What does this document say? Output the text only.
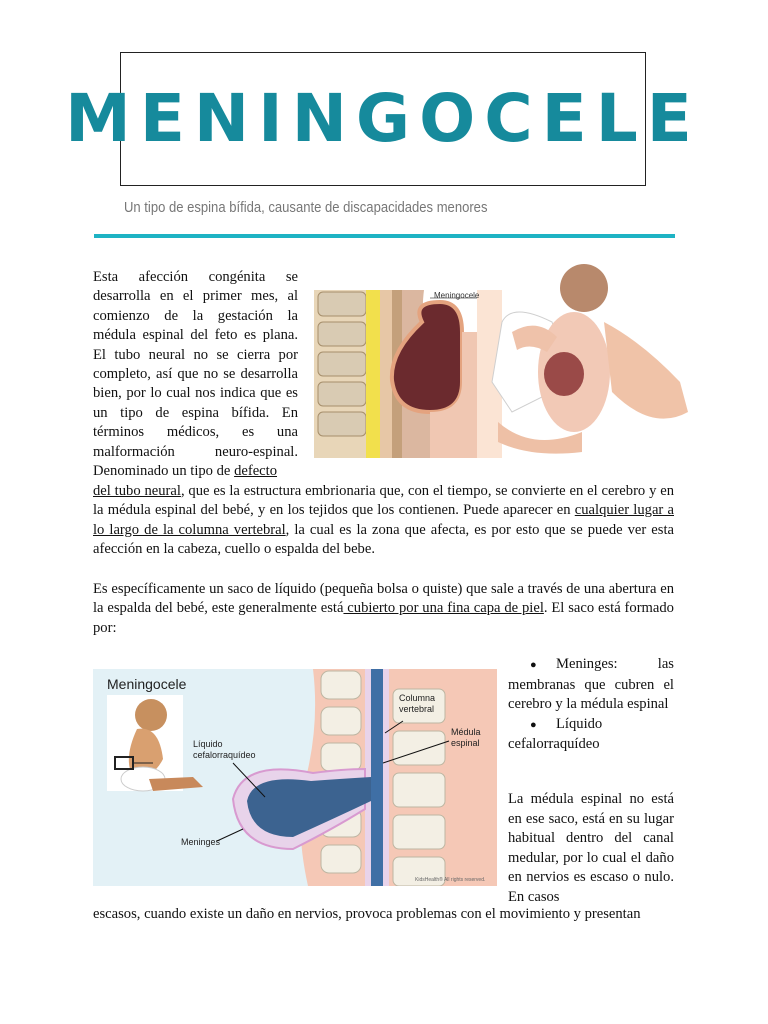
MENINGOCELE
Un tipo de espina bífida, causante de discapacidades menores

Esta afección congénita se desarrolla en el primer mes, al comienzo de la gestación la médula espinal del feto es plana. El tubo neural no se cierra por completo, así que no se desarrolla bien, por lo cual nos indica que es un tipo de espina bífida. En términos médicos, es una malformación neuro-espinal. Denominado un tipo de defecto

del tubo neural, que es la estructura embrionaria que, con el tiempo, se convierte en el cerebro y en la médula espinal del bebé, y en los tejidos que los contienen. Puede aparecer en cualquier lugar a lo largo de la columna vertebral, la cual es la zona que afecta, es por esto que se puede ver esta afección en la cabeza, cuello o espalda del bebe.

Meningocele

Es específicamente un saco de líquido (pequeña bolsa o quiste) que sale a través de una abertura en la espalda del bebé, este generalmente está cubierto por una fina capa de piel. El saco está formado por:

Meningocele
Columna vertebral
Médula espinal
Líquido cefalorraquídeo
Meninges
KidsHealth® All rights reserved.

● Meninges: las membranas que cubren el cerebro y la médula espinal

● Líquido cefalorraquídeo

La médula espinal no está en ese saco, está en su lugar habitual dentro del canal medular, por lo cual el daño en nervios es escaso o nulo. En casos

escasos, cuando existe un daño en nervios, provoca problemas con el movimiento y presentan
